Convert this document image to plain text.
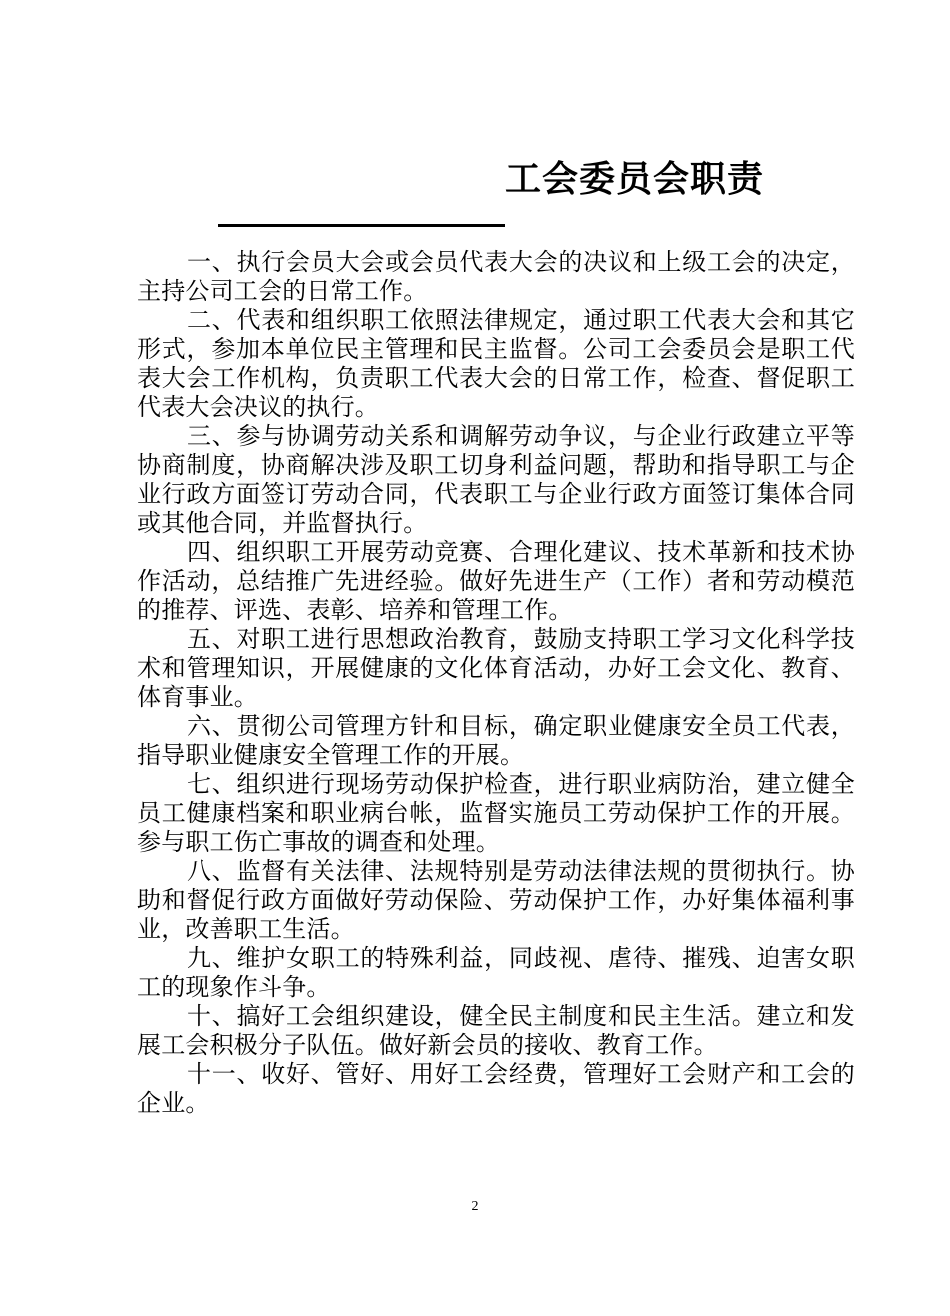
工会委员会职责

一、执行会员大会或会员代表大会的决议和上级工会的决定，主持公司工会的日常工作。

二、代表和组织职工依照法律规定，通过职工代表大会和其它形式，参加本单位民主管理和民主监督。公司工会委员会是职工代表大会工作机构，负责职工代表大会的日常工作，检查、督促职工代表大会决议的执行。

三、参与协调劳动关系和调解劳动争议，与企业行政建立平等协商制度，协商解决涉及职工切身利益问题，帮助和指导职工与企业行政方面签订劳动合同，代表职工与企业行政方面签订集体合同或其他合同，并监督执行。

四、组织职工开展劳动竞赛、合理化建议、技术革新和技术协作活动，总结推广先进经验。做好先进生产（工作）者和劳动模范的推荐、评选、表彰、培养和管理工作。

五、对职工进行思想政治教育，鼓励支持职工学习文化科学技术和管理知识，开展健康的文化体育活动，办好工会文化、教育、体育事业。

六、贯彻公司管理方针和目标，确定职业健康安全员工代表，指导职业健康安全管理工作的开展。

七、组织进行现场劳动保护检查，进行职业病防治，建立健全员工健康档案和职业病台帐，监督实施员工劳动保护工作的开展。参与职工伤亡事故的调查和处理。

八、监督有关法律、法规特别是劳动法律法规的贯彻执行。协助和督促行政方面做好劳动保险、劳动保护工作，办好集体福利事业，改善职工生活。

九、维护女职工的特殊利益，同歧视、虐待、摧残、迫害女职工的现象作斗争。

十、搞好工会组织建设，健全民主制度和民主生活。建立和发展工会积极分子队伍。做好新会员的接收、教育工作。

十一、收好、管好、用好工会经费，管理好工会财产和工会的企业。

2
